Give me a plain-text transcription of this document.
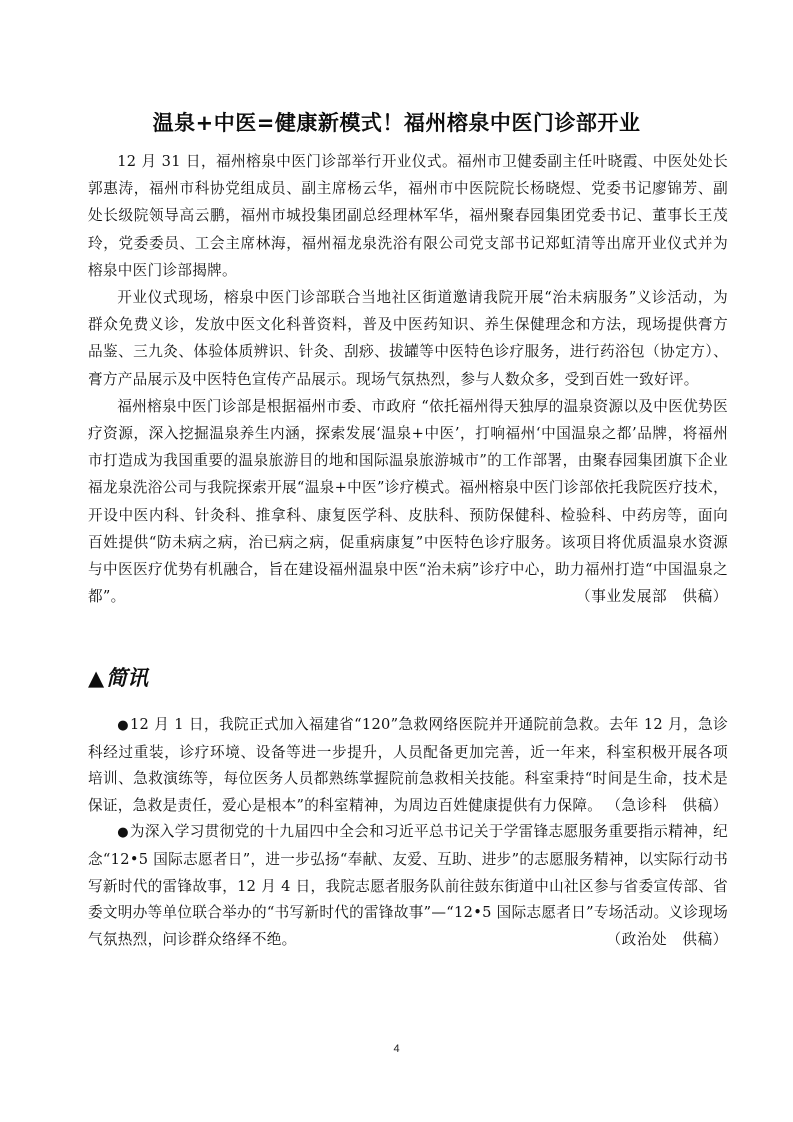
温泉+中医=健康新模式！福州榕泉中医门诊部开业

12 月 31 日，福州榕泉中医门诊部举行开业仪式。福州市卫健委副主任叶晓霞、中医处处长郭惠涛，福州市科协党组成员、副主席杨云华，福州市中医院院长杨晓煜、党委书记廖锦芳、副处长级院领导高云鹏，福州市城投集团副总经理林军华，福州聚春园集团党委书记、董事长王茂玲，党委委员、工会主席林海，福州福龙泉洗浴有限公司党支部书记郑虹清等出席开业仪式并为榕泉中医门诊部揭牌。

开业仪式现场，榕泉中医门诊部联合当地社区街道邀请我院开展“治未病服务”义诊活动，为群众免费义诊，发放中医文化科普资料，普及中医药知识、养生保健理念和方法，现场提供膏方品鉴、三九灸、体验体质辨识、针灸、刮痧、拔罐等中医特色诊疗服务，进行药浴包（协定方）、膏方产品展示及中医特色宣传产品展示。现场气氛热烈，参与人数众多，受到百姓一致好评。

福州榕泉中医门诊部是根据福州市委、市政府 “依托福州得天独厚的温泉资源以及中医优势医疗资源，深入挖掘温泉养生内涵，探索发展‘温泉+中医’，打响福州‘中国温泉之都’品牌，将福州市打造成为我国重要的温泉旅游目的地和国际温泉旅游城市”的工作部署，由聚春园集团旗下企业福龙泉洗浴公司与我院探索开展“温泉+中医”诊疗模式。福州榕泉中医门诊部依托我院医疗技术，开设中医内科、针灸科、推拿科、康复医学科、皮肤科、预防保健科、检验科、中药房等，面向百姓提供“防未病之病，治已病之病，促重病康复”中医特色诊疗服务。该项目将优质温泉水资源与中医医疗优势有机融合，旨在建设福州温泉中医“治未病”诊疗中心，助力福州打造“中国温泉之都”。	（事业发展部　供稿）

▲简讯

●12 月 1 日，我院正式加入福建省“120”急救网络医院并开通院前急救。去年 12 月，急诊科经过重装，诊疗环境、设备等进一步提升，人员配备更加完善，近一年来，科室积极开展各项培训、急救演练等，每位医务人员都熟练掌握院前急救相关技能。科室秉持“时间是生命，技术是保证，急救是责任，爱心是根本”的科室精神，为周边百姓健康提供有力保障。 （急诊科　供稿）

●为深入学习贯彻党的十九届四中全会和习近平总书记关于学雷锋志愿服务重要指示精神，纪念“12•5 国际志愿者日”，进一步弘扬“奉献、友爱、互助、进步”的志愿服务精神，以实际行动书写新时代的雷锋故事，12 月 4 日，我院志愿者服务队前往鼓东街道中山社区参与省委宣传部、省委文明办等单位联合举办的“书写新时代的雷锋故事”—“12•5 国际志愿者日”专场活动。义诊现场气氛热烈，问诊群众络绎不绝。	（政治处　供稿）

4
